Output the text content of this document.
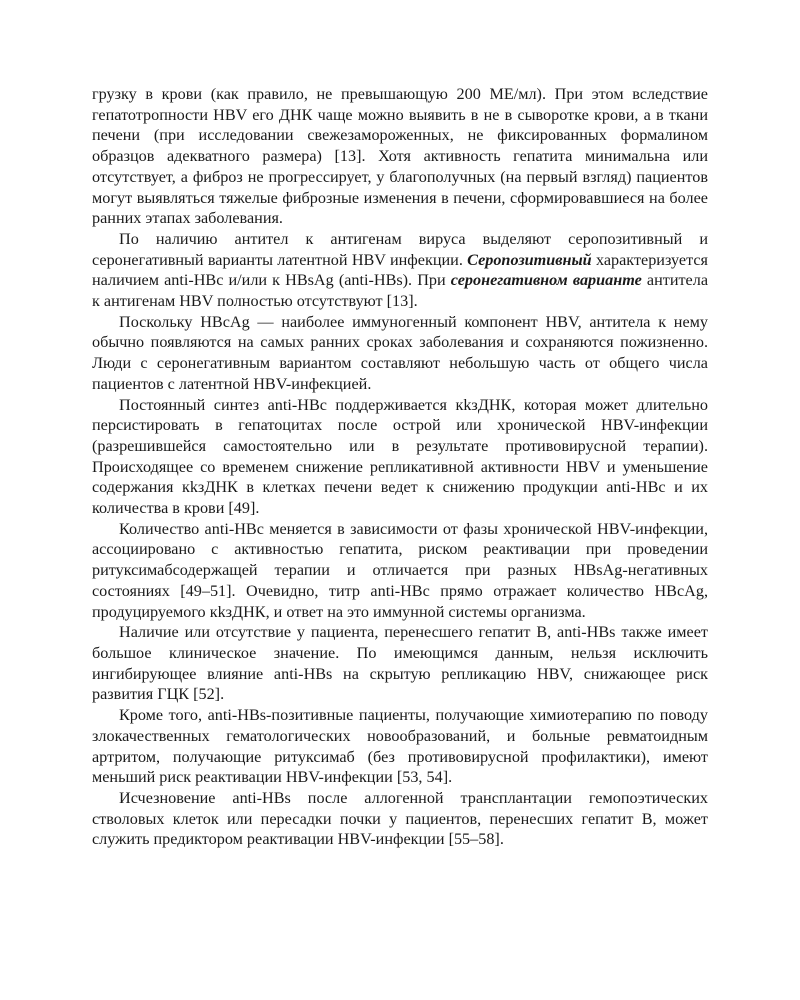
грузку в крови (как правило, не превышающую 200 МЕ/мл). При этом вследствие гепатотропности HBV его ДНК чаще можно выявить в не в сыворотке крови, а в ткани печени (при исследовании свежезамороженных, не фиксированных формалином образцов адекватного размера) [13]. Хотя активность гепатита минимальна или отсутствует, а фиброз не прогрессирует, у благополучных (на первый взгляд) пациентов могут выявляться тяжелые фиброзные изменения в печени, сформировавшиеся на более ранних этапах заболевания.

По наличию антител к антигенам вируса выделяют серопозитивный и серонегативный варианты латентной HBV инфекции. Серопозитивный характеризуется наличием anti-HBc и/или к HBsAg (anti-HBs). При серонегативном варианте антитела к антигенам HBV полностью отсутствуют [13].

Поскольку HBcAg — наиболее иммуногенный компонент HBV, антитела к нему обычно появляются на самых ранних сроках заболевания и сохраняются пожизненно. Люди с серонегативным вариантом составляют небольшую часть от общего числа пациентов с латентной HBV-инфекцией.

Постоянный синтез anti-HBc поддерживается кkзДНК, которая может длительно персистировать в гепатоцитах после острой или хронической HBV-инфекции (разрешившейся самостоятельно или в результате противовирусной терапии). Происходящее со временем снижение репликативной активности HBV и уменьшение содержания кkзДНК в клетках печени ведет к снижению продукции anti-HBc и их количества в крови [49].

Количество anti-HBc меняется в зависимости от фазы хронической HBV-инфекции, ассоциировано с активностью гепатита, риском реактивации при проведении ритуксимабсодержащей терапии и отличается при разных HBsAg-негативных состояниях [49–51]. Очевидно, титр anti-HBc прямо отражает количество HBcAg, продуцируемого кkзДНК, и ответ на это иммунной системы организма.

Наличие или отсутствие у пациента, перенесшего гепатит В, anti-HBs также имеет большое клиническое значение. По имеющимся данным, нельзя исключить ингибирующее влияние anti-HBs на скрытую репликацию HBV, снижающее риск развития ГЦК [52].

Кроме того, anti-HBs-позитивные пациенты, получающие химиотерапию по поводу злокачественных гематологических новообразований, и больные ревматоидным артритом, получающие ритуксимаб (без противовирусной профилактики), имеют меньший риск реактивации HBV-инфекции [53, 54].

Исчезновение anti-HBs после аллогенной трансплантации гемопоэтических стволовых клеток или пересадки почки у пациентов, перенесших гепатит В, может служить предиктором реактивации HBV-инфекции [55–58].
